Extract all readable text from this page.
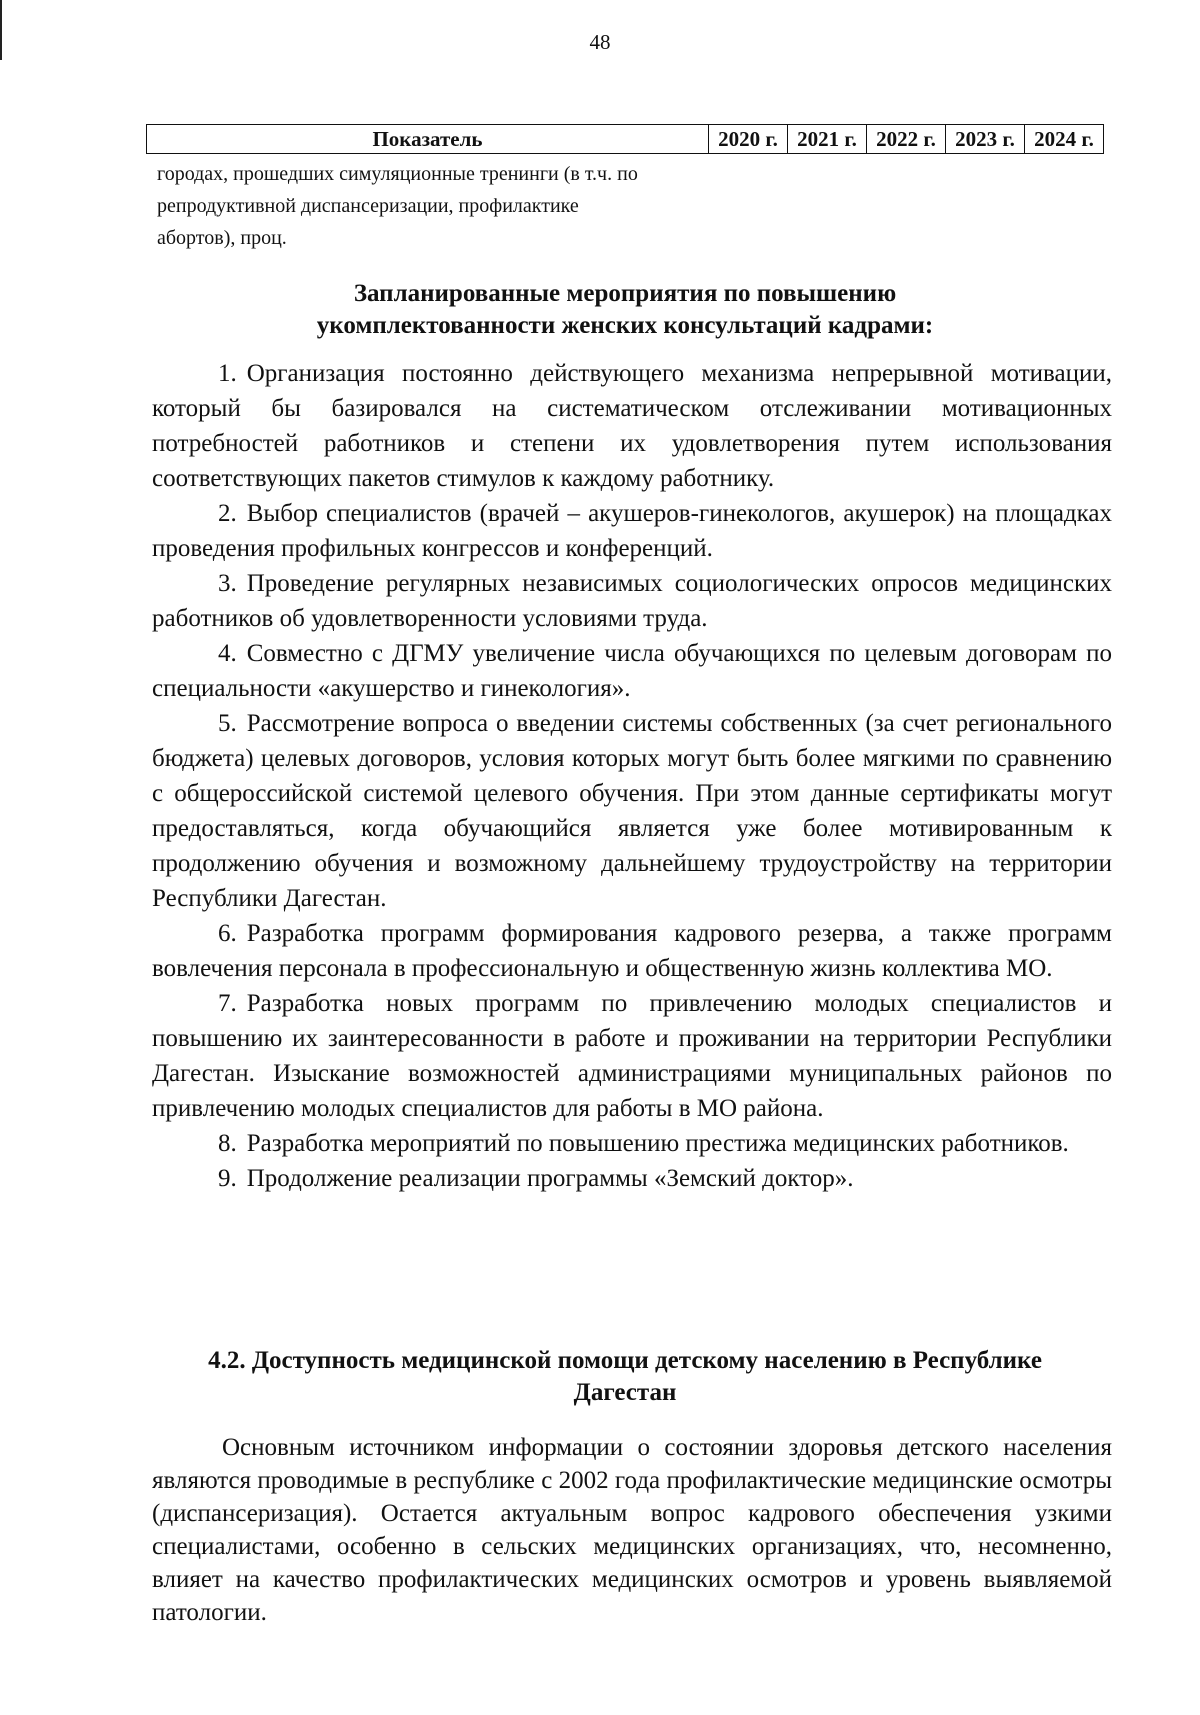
48
Показатель	2020 г. 2021 г. 2022 г. 2023 г. 2024 г.
городах, прошедших симуляционные тренинги (в т.ч. по
репродуктивной диспансеризации, профилактике
абортов), проц.
Запланированные мероприятия по повышению
укомплектованности женских консультаций кадрами:

1. Организация постоянно действующего механизма непрерывной мотивации, который бы базировался на систематическом отслеживании мотивационных потребностей работников и степени их удовлетворения путем использования соответствующих пакетов стимулов к каждому работнику.

2. Выбор специалистов (врачей – акушеров-гинекологов, акушерок) на площадках проведения профильных конгрессов и конференций.

3. Проведение регулярных независимых социологических опросов медицинских работников об удовлетворенности условиями труда.

4. Совместно с ДГМУ увеличение числа обучающихся по целевым договорам по специальности «акушерство и гинекология».

5. Рассмотрение вопроса о введении системы собственных (за счет регионального бюджета) целевых договоров, условия которых могут быть более мягкими по сравнению с общероссийской системой целевого обучения. При этом данные сертификаты могут предоставляться, когда обучающийся является уже более мотивированным к продолжению обучения и возможному дальнейшему трудоустройству на территории Республики Дагестан.

6. Разработка программ формирования кадрового резерва, а также программ вовлечения персонала в профессиональную и общественную жизнь коллектива МО.

7. Разработка новых программ по привлечению молодых специалистов и повышению их заинтересованности в работе и проживании на территории Республики Дагестан. Изыскание возможностей администрациями муниципальных районов по привлечению молодых специалистов для работы в МО района.

8. Разработка мероприятий по повышению престижа медицинских работников.

9. Продолжение реализации программы «Земский доктор».

4.2. Доступность медицинской помощи детскому населению в Республике
Дагестан

Основным источником информации о состоянии здоровья детского населения являются проводимые в республике с 2002 года профилактические медицинские осмотры (диспансеризация). Остается актуальным вопрос кадрового обеспечения узкими специалистами, особенно в сельских медицинских организациях, что, несомненно, влияет на качество профилактических медицинских осмотров и уровень выявляемой патологии.
